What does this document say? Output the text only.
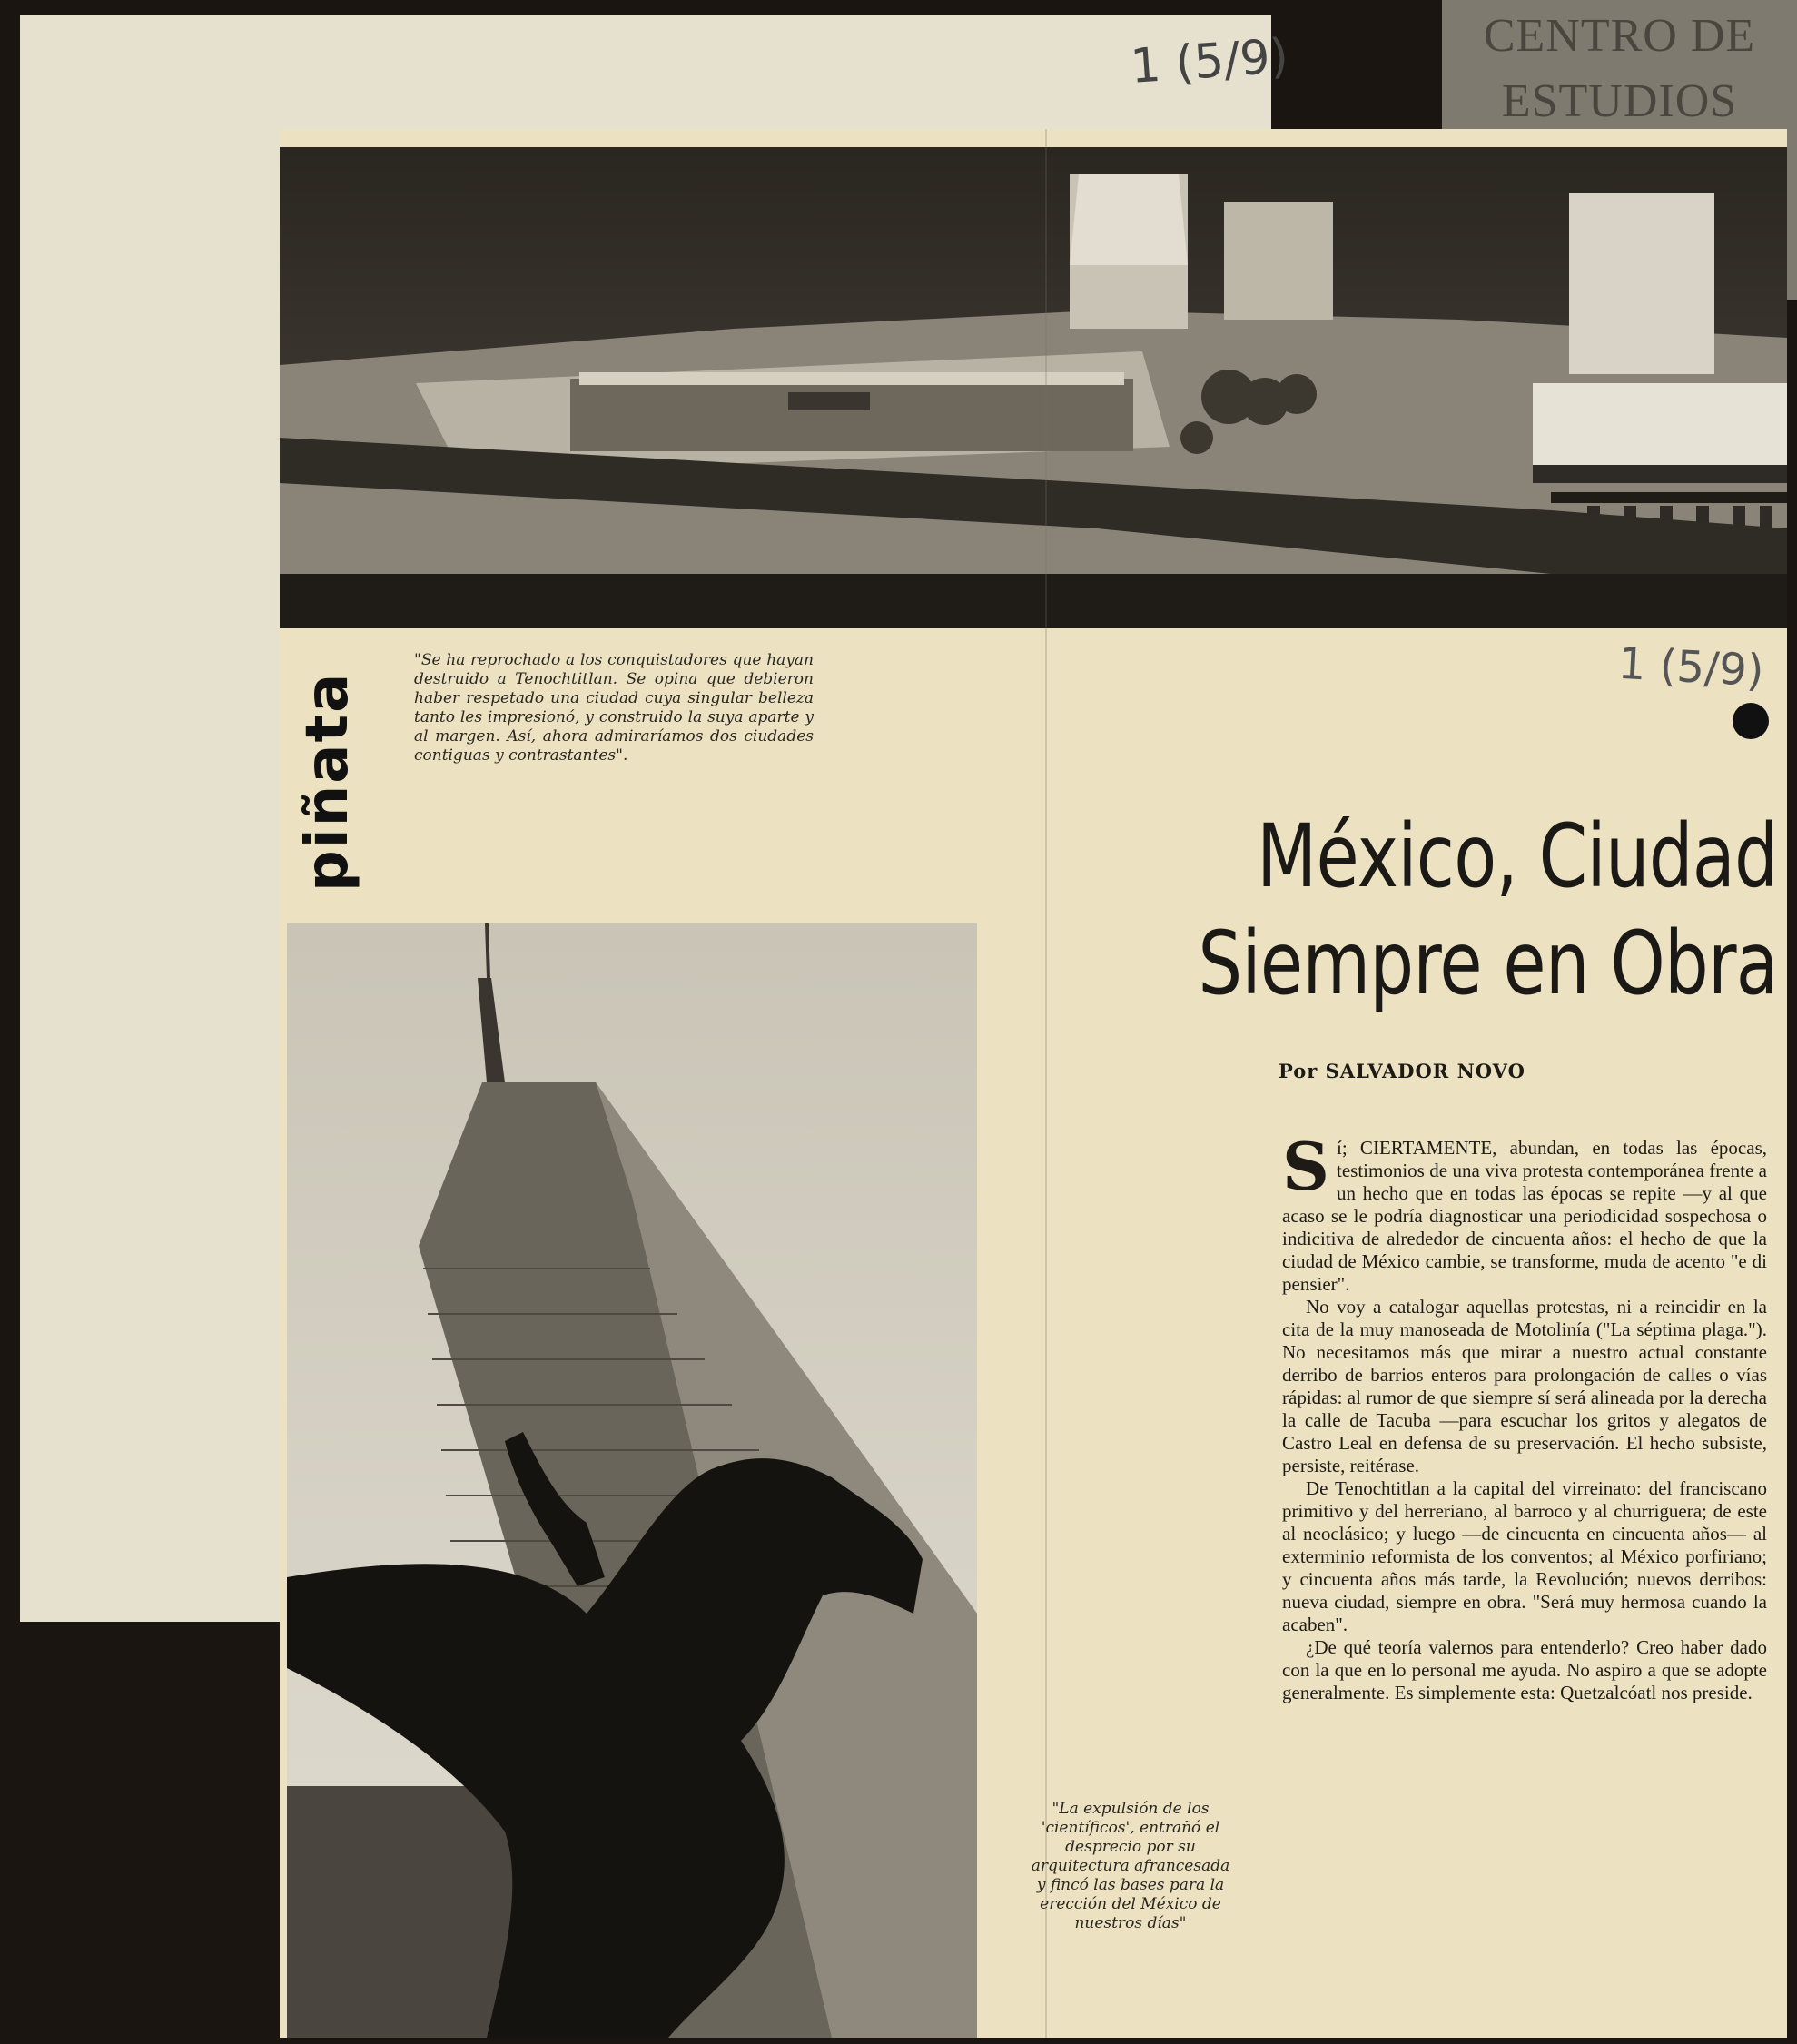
1 (5/9)	CENTRO DE
ESTUDIOS
piñata
"Se ha reprochado a los conquistadores que hayan destruido a Tenochtitlan. Se opina que debieron haber respetado una ciudad cuya singular belleza tanto les impresionó, y construido la suya aparte y al margen. Así, ahora admiraríamos dos ciudades contiguas y contrastantes".
1 (5/9)
México, Ciudad
Siempre en Obra
Por SALVADOR NOVO

Sí; CIERTAMENTE, abundan, en todas las épocas, testimonios de una viva protesta contemporánea frente a un hecho que en todas las épocas se repite —y al que acaso se le podría diagnosticar una periodicidad sospechosa o indicitiva de alrededor de cincuenta años: el hecho de que la ciudad de México cambie, se transforme, muda de acento "e di pensier".

No voy a catalogar aquellas protestas, ni a reincidir en la cita de la muy manoseada de Motolinía ("La séptima plaga."). No necesitamos más que mirar a nuestro actual constante derribo de barrios enteros para prolongación de calles o vías rápidas: al rumor de que siempre sí será alineada por la derecha la calle de Tacuba —para escuchar los gritos y alegatos de Castro Leal en defensa de su preservación. El hecho subsiste, persiste, reitérase.

De Tenochtitlan a la capital del virreinato: del franciscano primitivo y del herreriano, al barroco y al churriguera; de este al neoclásico; y luego —de cincuenta en cincuenta años— al exterminio reformista de los conventos; al México porfiriano; y cincuenta años más tarde, la Revolución; nuevos derribos: nueva ciudad, siempre en obra. "Será muy hermosa cuando la acaben".

¿De qué teoría valernos para entenderlo? Creo haber dado con la que en lo personal me ayuda. No aspiro a que se adopte generalmente. Es simplemente esta: Quetzalcóatl nos preside.

"La expulsión de los 'científicos', entrañó el desprecio por su arquitectura afrancesada y fincó las bases para la erección del México de nuestros días"
